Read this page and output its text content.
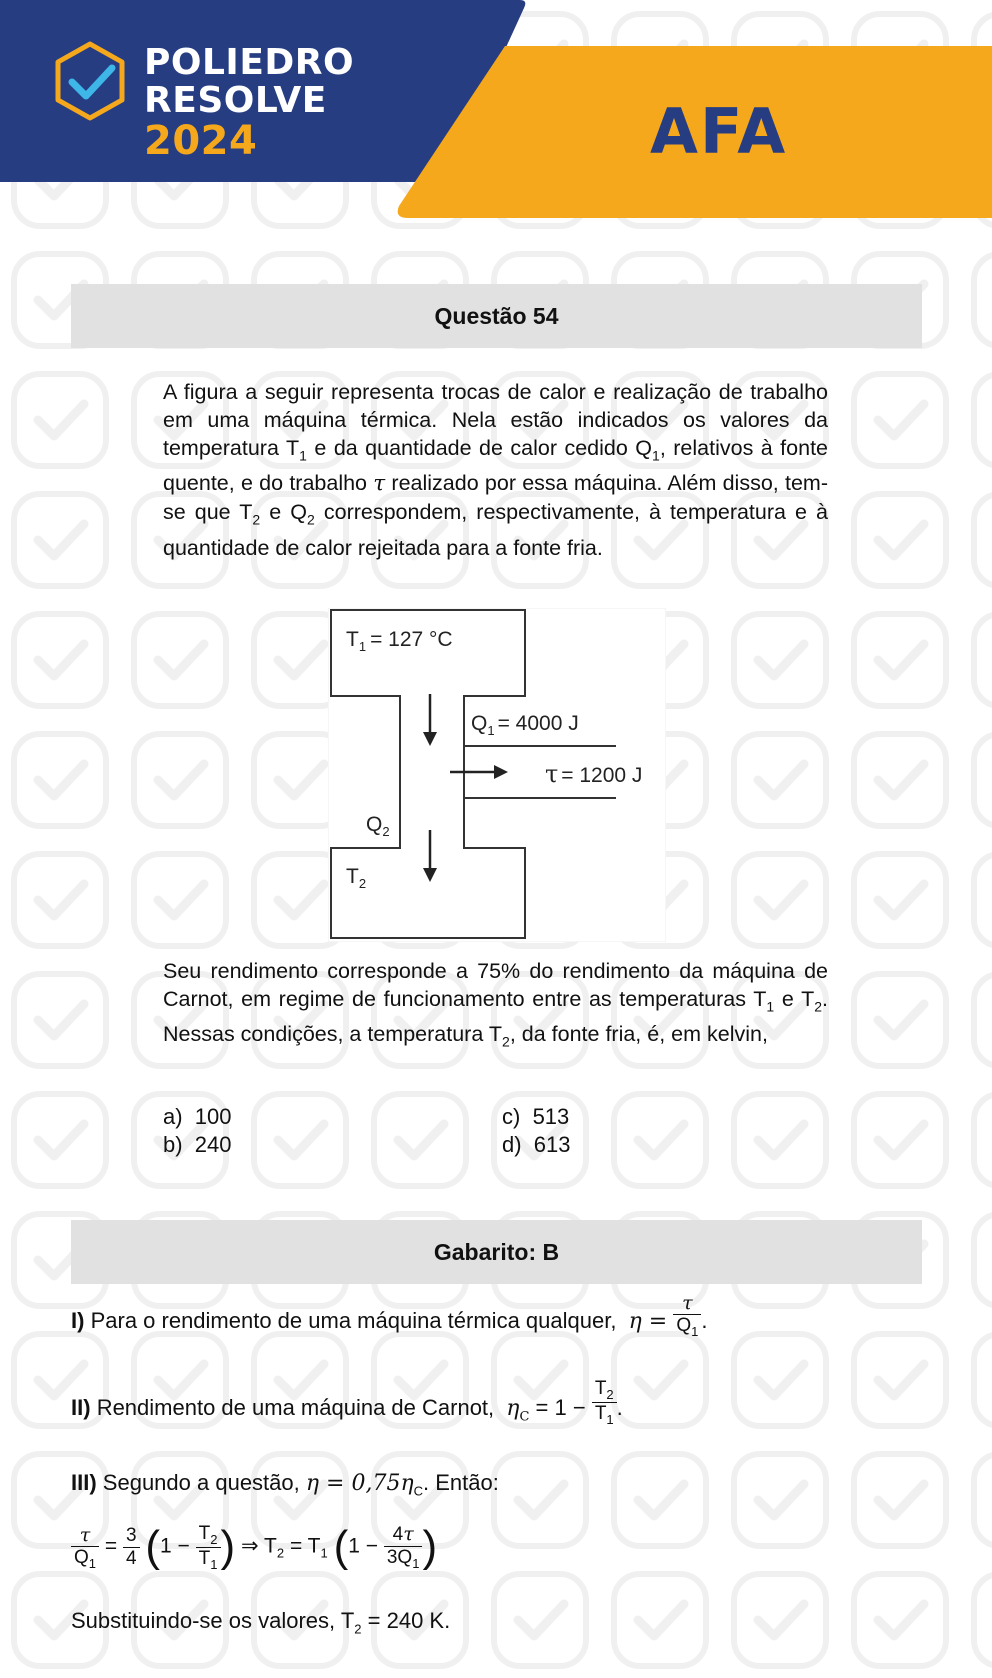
POLIEDRO
RESOLVE
2024	AFA
Questão 54
A figura a seguir representa trocas de calor e realização de trabalho em uma máquina térmica. Nela estão indicados os valores da temperatura $T_1$ e da quantidade de calor cedido $Q_1$, relativos à fonte quente, e do trabalho τ realizado por essa máquina. Além disso, tem-se que $T_2$ e $Q_2$ correspondem, respectivamente, à temperatura e à quantidade de calor rejeitada para a fonte fria.
$T_1 = 127$ °C
$Q_1 = 4000$ J
τ = 1200 J
$Q_2$
$T_2$
Seu rendimento corresponde a 75% do rendimento da máquina de Carnot, em regime de funcionamento entre as temperaturas $T_1$ e $T_2$. Nessas condições, a temperatura $T_2$, da fonte fria, é, em kelvin,
a) 100
b) 240
c) 513
d) 613
Gabarito: B
I) Para o rendimento de uma máquina térmica qualquer, $\eta = \frac{\tau}{Q_1}$ .
II) Rendimento de uma máquina de Carnot, $\eta_C = 1 - \frac{T_2}{T_1}$ .
III) Segundo a questão, $\eta = 0,75\eta_C$. Então:
$\frac{\tau}{Q_1} = \frac{3}{4} (1 - \frac{T_2}{T_1}$ ) ⇒ $T_2 = T_1$ ($1 - \frac{4\tau}{3Q_1}$ )
Substituindo-se os valores, $T_2 = 240$ K.
